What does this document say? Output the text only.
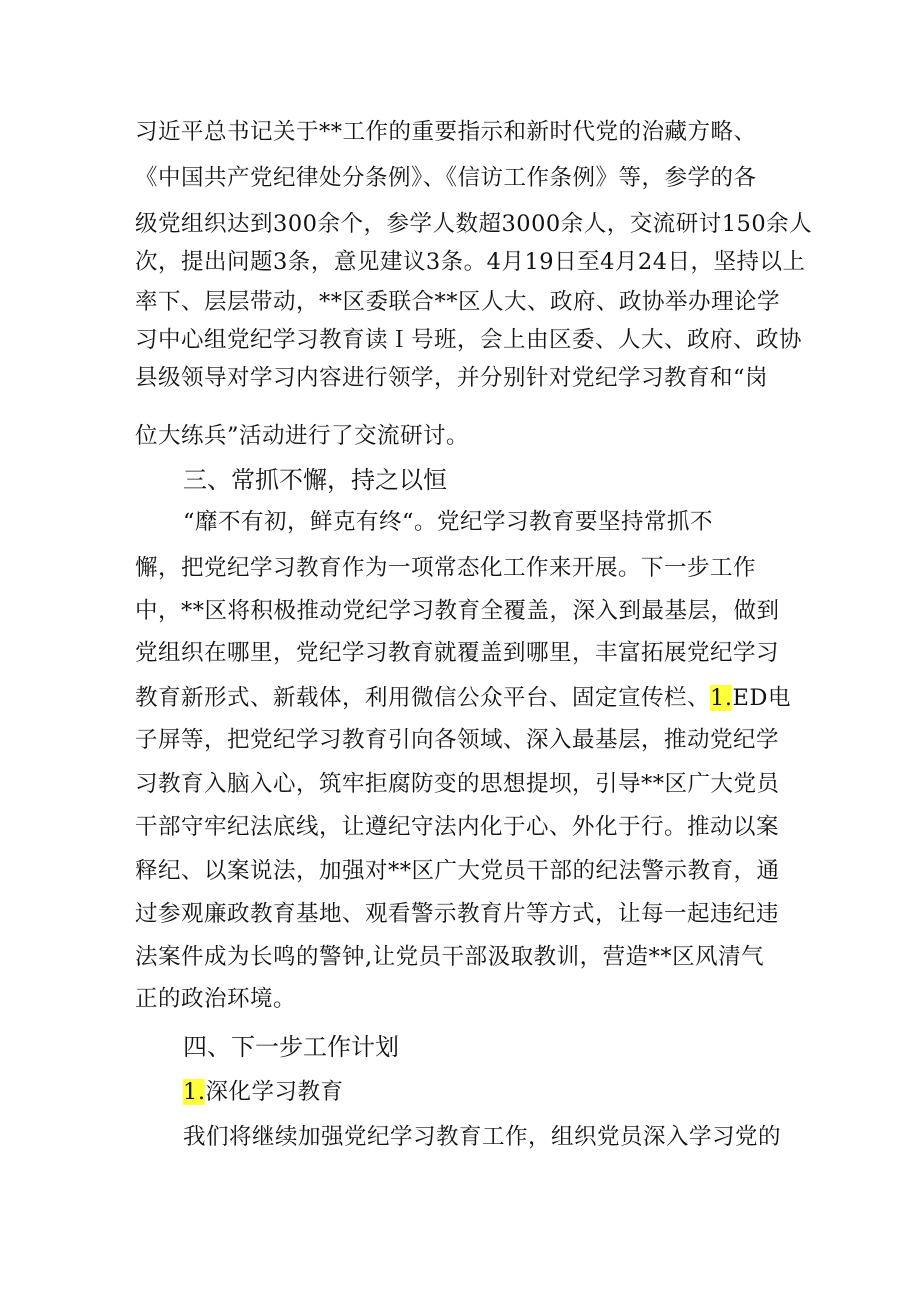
习近平总书记关于**工作的重要指示和新时代党的治藏方略、
《中国共产党纪律处分条例》、《信访工作条例》等，参学的各
级党组织达到300余个，参学人数超3000余人，交流研讨150余人
次，提出问题3条，意见建议3条。4月19日至4月24日，坚持以上
率下、层层带动，**区委联合**区人大、政府、政协举办理论学
习中心组党纪学习教育读Ｉ号班，会上由区委、人大、政府、政协
县级领导对学习内容进行领学，并分别针对党纪学习教育和“岗
位大练兵”活动进行了交流研讨。
三、常抓不懈，持之以恒
“靡不有初，鲜克有终“。党纪学习教育要坚持常抓不
懈，把党纪学习教育作为一项常态化工作来开展。下一步工作
中，**区将积极推动党纪学习教育全覆盖，深入到最基层，做到
党组织在哪里，党纪学习教育就覆盖到哪里，丰富拓展党纪学习
教育新形式、新载体，利用微信公众平台、固定宣传栏、1.ED电
子屏等，把党纪学习教育引向各领域、深入最基层，推动党纪学
习教育入脑入心，筑牢拒腐防变的思想提坝，引导**区广大党员
干部守牢纪法底线，让遵纪守法内化于心、外化于行。推动以案
释纪、以案说法，加强对**区广大党员干部的纪法警示教育，通
过参观廉政教育基地、观看警示教育片等方式，让每一起违纪违
法案件成为长鸣的警钟,让党员干部汲取教训，营造**区风清气
正的政治环境。
四、下一步工作计划
1.深化学习教育
我们将继续加强党纪学习教育工作，组织党员深入学习党的
